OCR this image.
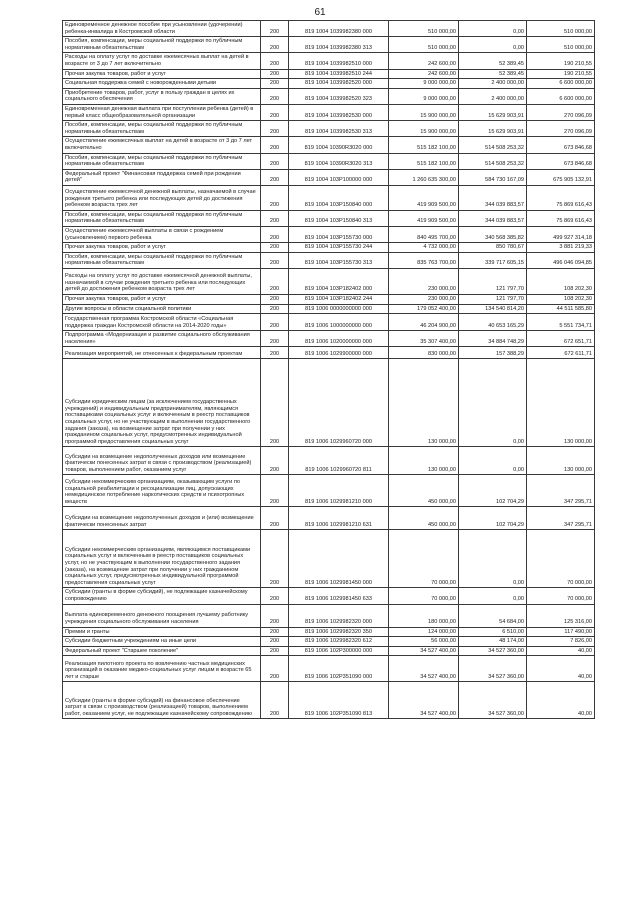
61
Единовременное денежное пособие при усыновлении (удочерении) ребенка-инвалида в Костромской области	200	819 1004 1039982380 000	510 000,00	0,00	510 000,00
Пособия, компенсации, меры социальной поддержки по публичным нормативным обязательствам	200	819 1004 1039982380 313	510 000,00	0,00	510 000,00
Расходы на оплату услуг по доставке ежемесячных выплат на детей в возрасте от 3 до 7 лет включительно	200	819 1004 1039982510 000	242 600,00	52 389,45	190 210,55
Прочая закупка товаров, работ и услуг	200	819 1004 1039982510 244	242 600,00	52 389,45	190 210,55
Социальная поддержка семей с новорожденными детьми	200	819 1004 1039982520 000	9 000 000,00	2 400 000,00	6 600 000,00
Приобретение товаров, работ, услуг в пользу граждан в целях их социального обеспечения	200	819 1004 1039982520 323	9 000 000,00	2 400 000,00	6 600 000,00
Единовременная денежная выплата при поступлении ребенка (детей) в первый класс общеобразовательной организации	200	819 1004 1039982530 000	15 900 000,00	15 629 903,91	270 096,09
Пособия, компенсации, меры социальной поддержки по публичным нормативным обязательствам	200	819 1004 1039982530 313	15 900 000,00	15 629 903,91	270 096,09
Осуществление ежемесячных выплат на детей в возрасте от 3 до 7 лет включительно	200	819 1004 10390R3020 000	515 182 100,00	514 508 253,32	673 846,68
Пособия, компенсации, меры социальной поддержки по публичным нормативным обязательствам	200	819 1004 10390R3020 313	515 182 100,00	514 508 253,32	673 846,68
Федеральный проект "Финансовая поддержка семей при рождении детей"	200	819 1004 103P100000 000	1 260 635 300,00	584 730 167,09	675 905 132,91
Осуществление ежемесячной денежной выплаты, назначаемой в случае рождения третьего ребенка или последующих детей до достижения ребенком возраста трех лет	200	819 1004 103P150840 000	419 909 500,00	344 039 883,57	75 869 616,43
Пособия, компенсации, меры социальной поддержки по публичным нормативным обязательствам	200	819 1004 103P150840 313	419 909 500,00	344 039 883,57	75 869 616,43
Осуществление ежемесячной выплаты в связи с рождением (усыновлением) первого ребенка	200	819 1004 103P155730 000	840 495 700,00	340 568 385,82	499 927 314,18
Прочая закупка товаров, работ и услуг	200	819 1004 103P155730 244	4 732 000,00	850 780,67	3 881 219,33
Пособия, компенсации, меры социальной поддержки по публичным нормативным обязательствам	200	819 1004 103P155730 313	835 763 700,00	339 717 605,15	496 046 094,85
Расходы на оплату услуг по доставке ежемесячной денежной выплаты, назначаемой в случае рождения третьего ребенка или последующих детей до достижения ребенком возраста трех лет	200	819 1004 103P182402 000	230 000,00	121 797,70	108 202,30
Прочая закупка товаров, работ и услуг	200	819 1004 103P182402 244	230 000,00	121 797,70	108 202,30
Другие вопросы в области социальной политики	200	819 1006 0000000000 000	179 052 400,00	134 540 814,20	44 511 585,80
Государственная программа Костромской области «Социальная поддержка граждан Костромской области на 2014-2020 годы»	200	819 1006 1000000000 000	46 204 900,00	40 653 165,29	5 551 734,71
Подпрограмма «Модернизация и развитие социального обслуживания населения»	200	819 1006 1020000000 000	35 307 400,00	34 884 748,29	672 651,71
Реализация мероприятий, не отнесенных к федеральным проектам	200	819 1006 1029900000 000	830 000,00	157 388,29	672 611,71
Субсидии юридическим лицам (за исключением государственных учреждений) и индивидуальным предпринимателям, являющимся поставщиками социальных услуг и включенным в реестр поставщиков социальных услуг, но не участвующим в выполнении государственного задания (заказа), на возмещение затрат при получении у них гражданином социальных услуг, предусмотренных индивидуальной программой предоставления социальных услуг	200	819 1006 1029960720 000	130 000,00	0,00	130 000,00
Субсидии на возмещение недополученных доходов или возмещение фактически понесенных затрат в связи с производством (реализацией) товаров, выполнением работ, оказанием услуг	200	819 1006 1029960720 811	130 000,00	0,00	130 000,00
Субсидии некоммерческим организациям, оказывающим услуги по социальной реабилитации и ресоциализации лиц, допускающих немедицинское потребление наркотических средств и психотропных веществ	200	819 1006 1029981210 000	450 000,00	102 704,29	347 295,71
Субсидии на возмещение недополученных доходов и (или) возмещение фактически понесенных затрат	200	819 1006 1029981210 631	450 000,00	102 704,29	347 295,71
Субсидии некоммерческим организациям, являющимся поставщиками социальных услуг и включенным в реестр поставщиков социальных услуг, но не участвующим в выполнении государственного задания (заказа), на возмещение затрат при получении у них гражданином социальных услуг, предусмотренных индивидуальной программой предоставления социальных услуг	200	819 1006 1029981450 000	70 000,00	0,00	70 000,00
Субсидии (гранты в форме субсидий), не подлежащие казначейскому сопровождению	200	819 1006 1029981450 633	70 000,00	0,00	70 000,00
Выплата единовременного денежного поощрения лучшему работнику учреждения социального обслуживания населения	200	819 1006 1029982320 000	180 000,00	54 684,00	125 316,00
Премии и гранты	200	819 1006 1029982320 350	124 000,00	6 510,00	117 490,00
Субсидии бюджетным учреждениям на иные цели	200	819 1006 1029982320 612	56 000,00	48 174,00	7 826,00
Федеральный проект "Старшее поколение"	200	819 1006 102P300000 000	34 527 400,00	34 527 360,00	40,00
Реализация пилотного проекта по вовлечению частных медицинских организаций в оказание медико-социальных услуг лицам в возрасте 65 лет и старше	200	819 1006 102P351090 000	34 527 400,00	34 527 360,00	40,00
Субсидии (гранты в форме субсидий) на финансовое обеспечение затрат в связи с производством (реализацией) товаров, выполнением работ, оказанием услуг, не подлежащие казначейскому сопровождению	200	819 1006 102P351090 813	34 527 400,00	34 527 360,00	40,00
